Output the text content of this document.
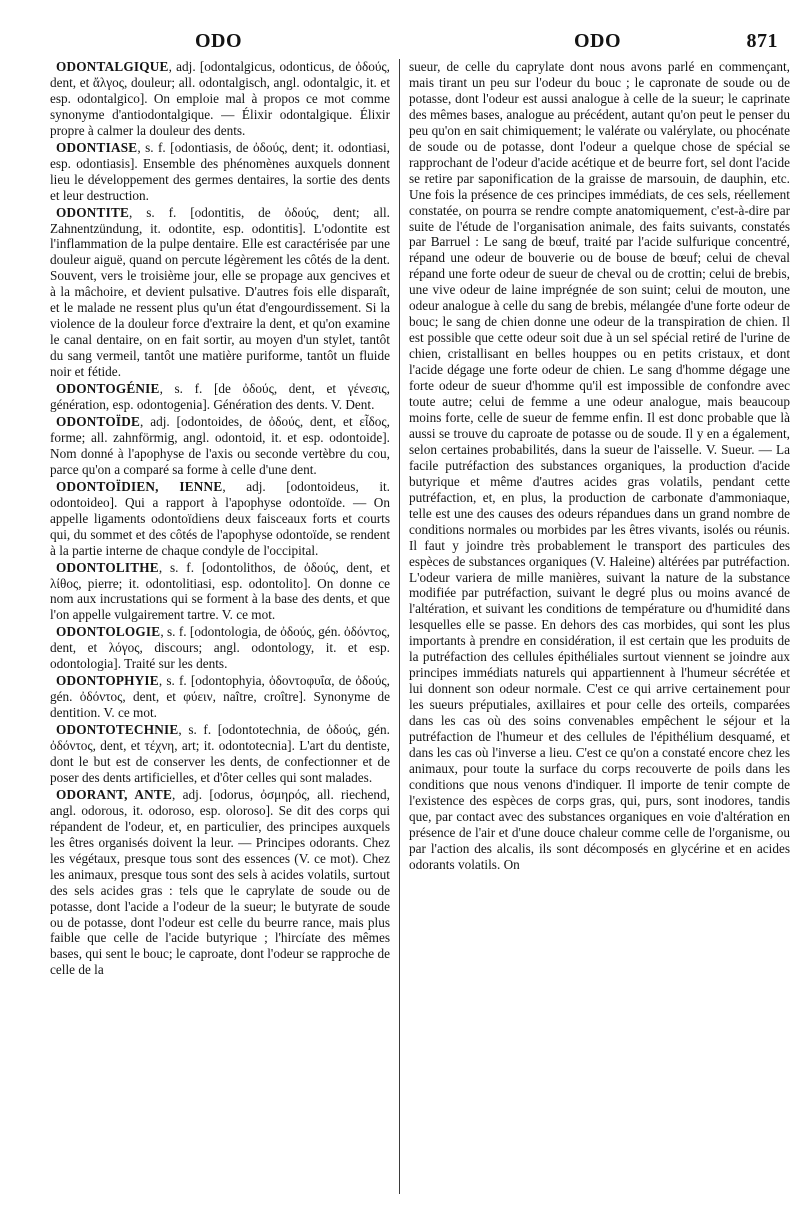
ODO	ODO	871

ODONTALGIQUE, adj. [odontalgicus, odonticus, de ὀδούς, dent, et ἄλγος, douleur; all. odontalgisch, angl. odontalgic, it. et esp. odontalgico]. On emploie mal à propos ce mot comme synonyme d'antiodontalgique. — Élixir odontalgique. Élixir propre à calmer la douleur des dents.

ODONTIASE, s. f. [odontiasis, de ὀδούς, dent; it. odontiasi, esp. odontiasis]. Ensemble des phénomènes auxquels donnent lieu le développement des germes dentaires, la sortie des dents et leur destruction.

ODONTITE, s. f. [odontitis, de ὀδούς, dent; all. Zahnentzündung, it. odontite, esp. odontitis]. L'odontite est l'inflammation de la pulpe dentaire. Elle est caractérisée par une douleur aiguë, quand on percute légèrement les côtés de la dent. Souvent, vers le troisième jour, elle se propage aux gencives et à la mâchoire, et devient pulsative. D'autres fois elle disparaît, et le malade ne ressent plus qu'un état d'engourdissement. Si la violence de la douleur force d'extraire la dent, et qu'on examine le canal dentaire, on en fait sortir, au moyen d'un stylet, tantôt du sang vermeil, tantôt une matière puriforme, tantôt un fluide noir et fétide.

ODONTOGÉNIE, s. f. [de ὀδούς, dent, et γένεσις, génération, esp. odontogenia]. Génération des dents. V. Dent.

ODONTOÏDE, adj. [odontoides, de ὀδούς, dent, et εἶδος, forme; all. zahnförmig, angl. odontoid, it. et esp. odontoide]. Nom donné à l'apophyse de l'axis ou seconde vertèbre du cou, parce qu'on a comparé sa forme à celle d'une dent.

ODONTOÏDIEN, IENNE, adj. [odontoideus, it. odontoideo]. Qui a rapport à l'apophyse odontoïde. — On appelle ligaments odontoïdiens deux faisceaux forts et courts qui, du sommet et des côtés de l'apophyse odontoïde, se rendent à la partie interne de chaque condyle de l'occipital.

ODONTOLITHE, s. f. [odontolithos, de ὀδούς, dent, et λίθος, pierre; it. odontolitiasi, esp. odontolito]. On donne ce nom aux incrustations qui se forment à la base des dents, et que l'on appelle vulgairement tartre. V. ce mot.

ODONTOLOGIE, s. f. [odontologia, de ὀδούς, gén. ὀδόντος, dent, et λόγος, discours; angl. odontology, it. et esp. odontologia]. Traité sur les dents.

ODONTOPHYIE, s. f. [odontophyia, ὀδοντοφυΐα, de ὀδούς, gén. ὀδόντος, dent, et φύειν, naître, croître]. Synonyme de dentition. V. ce mot.

ODONTOTECHNIE, s. f. [odontotechnia, de ὀδούς, gén. ὀδόντος, dent, et τέχνη, art; it. odontotecnia]. L'art du dentiste, dont le but est de conserver les dents, de confectionner et de poser des dents artificielles, et d'ôter celles qui sont malades.

ODORANT, ANTE, adj. [odorus, ὀσμηρός, all. riechend, angl. odorous, it. odoroso, esp. oloroso]. Se dit des corps qui répandent de l'odeur, et, en particulier, des principes auxquels les êtres organisés doivent la leur. — Principes odorants. Chez les végétaux, presque tous sont des essences (V. ce mot). Chez les animaux, presque tous sont des sels à acides volatils, surtout des sels acides gras : tels que le caprylate de soude ou de potasse, dont l'acide a l'odeur de la sueur; le butyrate de soude ou de potasse, dont l'odeur est celle du beurre rance, mais plus faible que celle de l'acide butyrique ; l'hircíate des mêmes bases, qui sent le bouc; le caproate, dont l'odeur se rapproche de celle de la

sueur, de celle du caprylate dont nous avons parlé en commençant, mais tirant un peu sur l'odeur du bouc ; le capronate de soude ou de potasse, dont l'odeur est aussi analogue à celle de la sueur; le caprinate des mêmes bases, analogue au précédent, autant qu'on peut le penser du peu qu'on en sait chimiquement; le valérate ou valérylate, ou phocénate de soude ou de potasse, dont l'odeur a quelque chose de spécial se rapprochant de l'odeur d'acide acétique et de beurre fort, sel dont l'acide se retire par saponification de la graisse de marsouin, de dauphin, etc. Une fois la présence de ces principes immédiats, de ces sels, réellement constatée, on pourra se rendre compte anatomiquement, c'est-à-dire par suite de l'étude de l'organisation animale, des faits suivants, constatés par Barruel : Le sang de bœuf, traité par l'acide sulfurique concentré, répand une odeur de bouverie ou de bouse de bœuf; celui de cheval répand une forte odeur de sueur de cheval ou de crottin; celui de brebis, une vive odeur de laine imprégnée de son suint; celui de mouton, une odeur analogue à celle du sang de brebis, mélangée d'une forte odeur de bouc; le sang de chien donne une odeur de la transpiration de chien. Il est possible que cette odeur soit due à un sel spécial retiré de l'urine de chien, cristallisant en belles houppes ou en petits cristaux, et dont l'acide dégage une forte odeur de chien. Le sang d'homme dégage une forte odeur de sueur d'homme qu'il est impossible de confondre avec toute autre; celui de femme a une odeur analogue, mais beaucoup moins forte, celle de sueur de femme enfin. Il est donc probable que là aussi se trouve du caproate de potasse ou de soude. Il y en a également, selon certaines probabilités, dans la sueur de l'aisselle. V. Sueur. — La facile putréfaction des substances organiques, la production d'acide butyrique et même d'autres acides gras volatils, pendant cette putréfaction, et, en plus, la production de carbonate d'ammoniaque, telle est une des causes des odeurs répandues dans un grand nombre de conditions normales ou morbides par les êtres vivants, isolés ou réunis. Il faut y joindre très probablement le transport des particules des espèces de substances organiques (V. Haleine) altérées par putréfaction. L'odeur variera de mille manières, suivant la nature de la substance modifiée par putréfaction, suivant le degré plus ou moins avancé de l'altération, et suivant les conditions de température ou d'humidité dans lesquelles elle se passe. En dehors des cas morbides, qui sont les plus importants à prendre en considération, il est certain que les produits de la putréfaction des cellules épithéliales surtout viennent se joindre aux principes immédiats naturels qui appartiennent à l'humeur sécrétée et lui donnent son odeur normale. C'est ce qui arrive certainement pour les sueurs préputiales, axillaires et pour celle des orteils, comparées dans les cas où des soins convenables empêchent le séjour et la putréfaction de l'humeur et des cellules de l'épithélium desquamé, et dans les cas où l'inverse a lieu. C'est ce qu'on a constaté encore chez les animaux, pour toute la surface du corps recouverte de poils dans les conditions que nous venons d'indiquer. Il importe de tenir compte de l'existence des espèces de corps gras, qui, purs, sont inodores, tandis que, par contact avec des substances organiques en voie d'altération en présence de l'air et d'une douce chaleur comme celle de l'organisme, ou par l'action des alcalis, ils sont décomposés en glycérine et en acides odorants volatils. On
